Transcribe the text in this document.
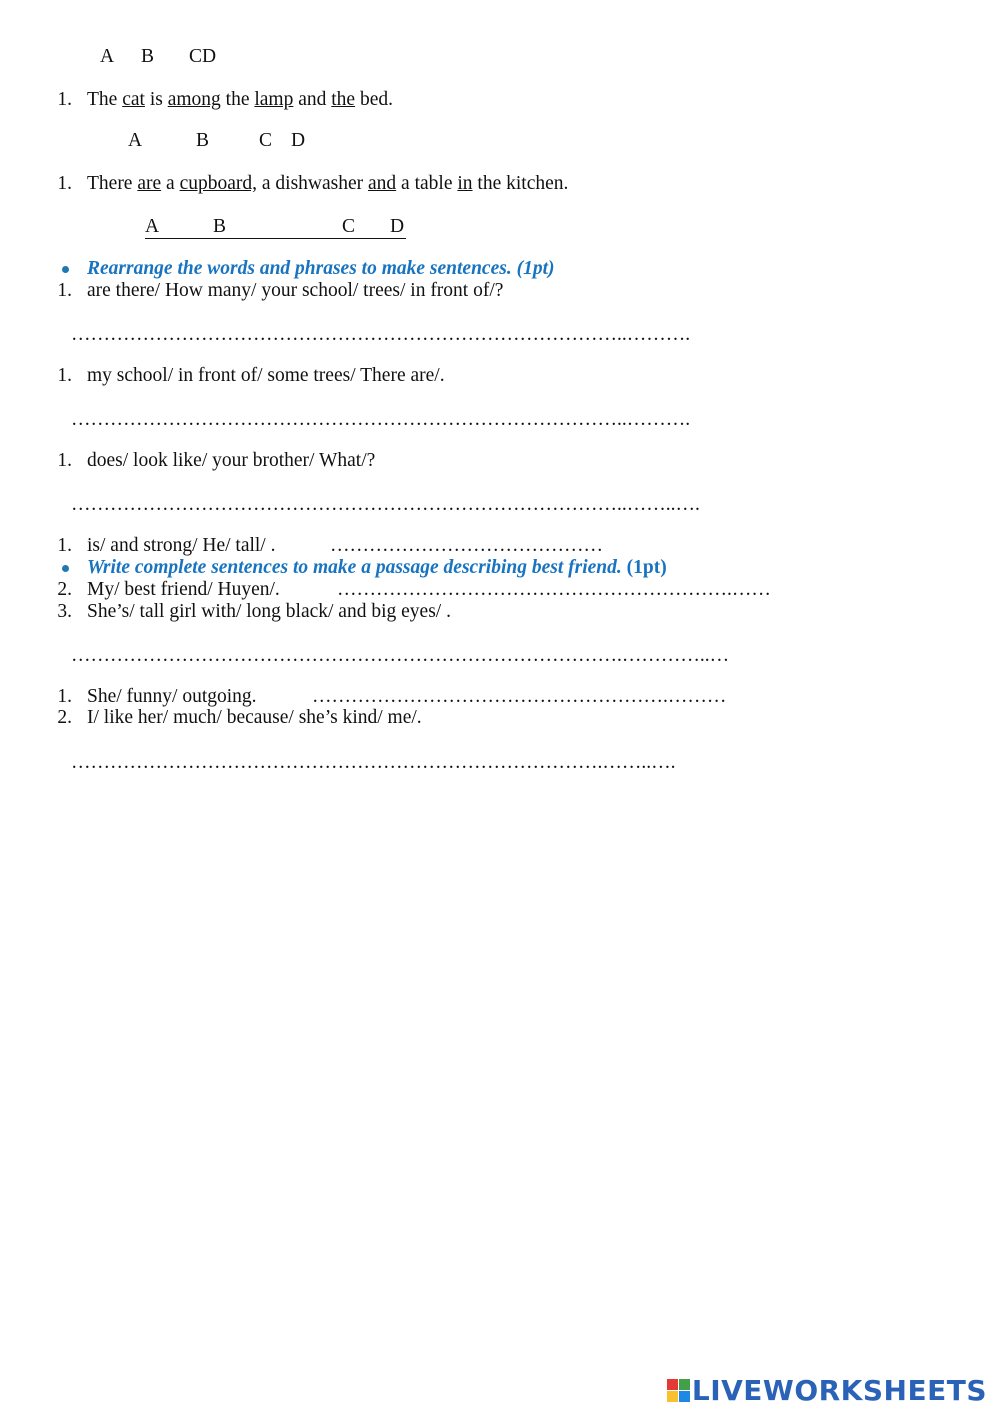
A B CD
1. The cat is among the lamp and the bed.
A	B	C D
1. There are a cupboard, a dishwasher and a table in the kitchen.
A	B	C D
Rearrange the words and phrases to make sentences. (1pt)
1. are there/ How many/ your school/ trees/ in front of/?
…………………………………………………………………………..……….
1. my school/ in front of/ some trees/ There are/.
…………………………………………………………………………..……….
1. does/ look like/ your brother/ What/?
…………………………………………………………………………..……..….
1. is/ and strong/ He/ tall/ .	……………………………………
Write complete sentences to make a passage describing best friend. (1pt)
2. My/ best friend/ Huyen/.	…………………………………………………….……
3. She’s/ tall girl with/ long black/ and big eyes/ .
………………………………………………………………………….…………..…
1. She/ funny/ outgoing.	……………………………………………….………
2. I/ like her/ much/ because/ she’s kind/ me/.
……………………………………………………………………….……..….
LIVEWORKSHEETS
